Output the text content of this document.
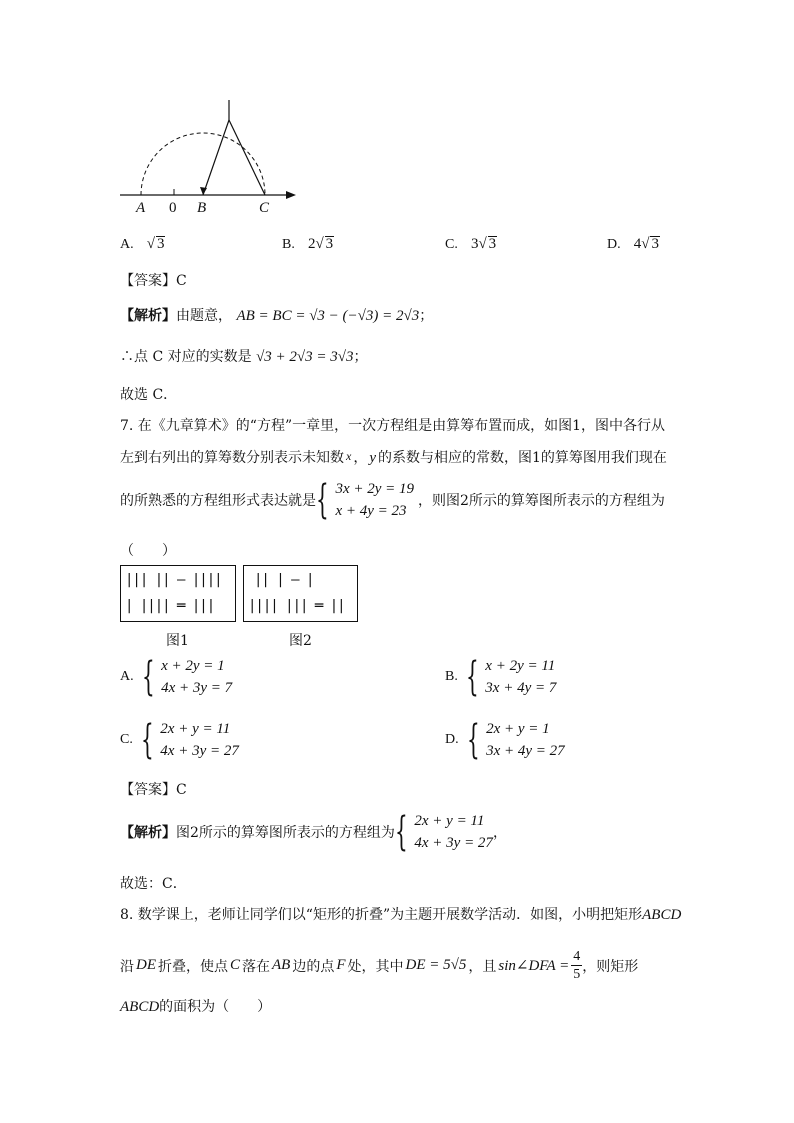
A 0 B	C
A. √ 3	B. 2√ 3	C. 3√ 3	D. 4√ 3
【答案】C
【解析】由题意， AB = BC = √3 − (−√3) = 2√3；
∴点 C 对应的实数是 √3 + 2√3 = 3√3；
故选 C．
7. 在《九章算术》的“方程”一章里，一次方程组是由算筹布置而成，如图1，图中各行从
左到右列出的算筹数分别表示未知数 x ， y 的系数与相应的常数，图1的算筹图用我们现在
的所熟悉的方程组形式表达就是 { 3x + 2y = 19
x + 4y = 23
，则图2所示的算筹图所表示的方程组为
（　　）
||| || — ||||
| |||| ═ |||
|| | — |
|||| ||| ═ ||
图1	图2
A. { x + 2y = 1
4x + 3y = 7
B. { x + 2y = 11
3x + 4y = 7
C. { 2x + y = 11
4x + 3y = 27
D. { 2x + y = 1
3x + 4y = 27
【答案】C
【解析】 图2所示的算筹图所表示的方程组为 { 2x + y = 11
4x + 3y = 27
，
故选：C．
8. 数学课上，老师让同学们以“矩形的折叠”为主题开展数学活动．如图，小明把矩形ABCD
沿 DE 折叠，使点 C 落在 AB 边的点 F 处，其中 DE = 5√5 ，且 sin∠DFA = $\frac{4}{5}$ ，则矩形
ABCD的面积为（　　）
